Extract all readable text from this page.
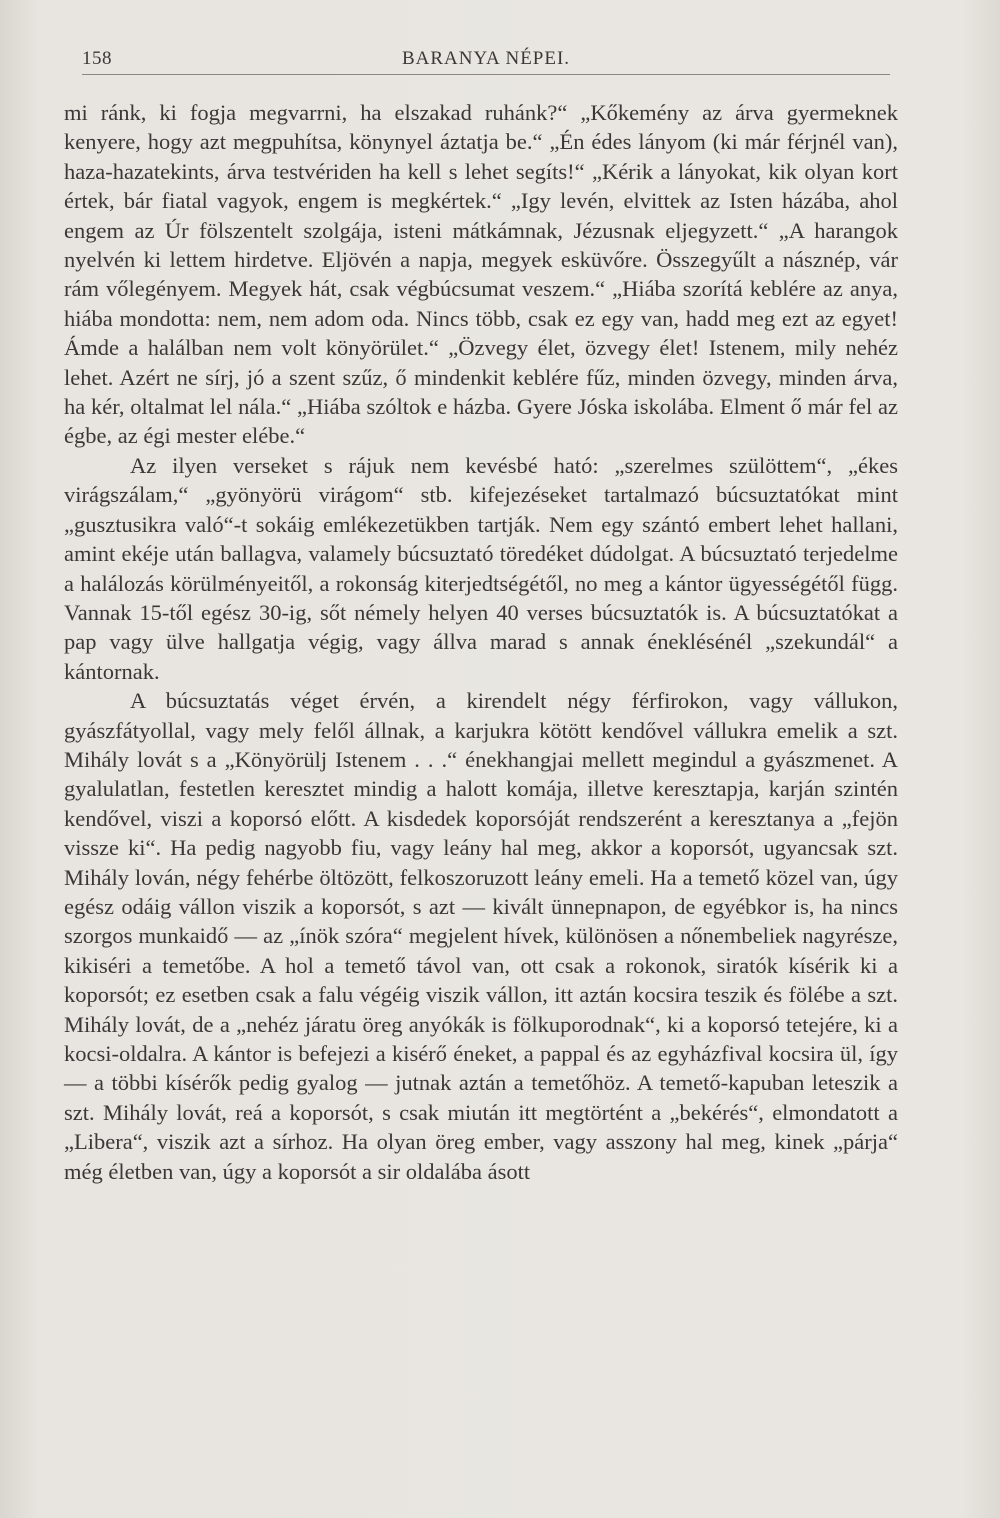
158	BARANYA NÉPEI.

mi ránk, ki fogja megvarrni, ha elszakad ruhánk?“ „Kőkemény az árva gyermeknek kenyere, hogy azt megpuhítsa, könynyel áztatja be.“ „Én édes lányom (ki már férjnél van), haza-hazatekints, árva testvériden ha kell s lehet segíts!“ „Kérik a lányokat, kik olyan kort értek, bár fiatal vagyok, engem is megkértek.“ „Igy levén, elvittek az Isten házába, ahol engem az Úr fölszentelt szolgája, isteni mátkámnak, Jézusnak eljegyzett.“ „A harangok nyelvén ki lettem hirdetve. Eljövén a napja, megyek esküvőre. Összegyűlt a násznép, vár rám vőlegényem. Megyek hát, csak végbúcsumat veszem.“ „Hiába szorítá keblére az anya, hiába mondotta: nem, nem adom oda. Nincs több, csak ez egy van, hadd meg ezt az egyet! Ámde a halálban nem volt könyörület.“ „Özvegy élet, özvegy élet! Istenem, mily nehéz lehet. Azért ne sírj, jó a szent szűz, ő mindenkit keblére fűz, minden özvegy, minden árva, ha kér, oltalmat lel nála.“ „Hiába szóltok e házba. Gyere Jóska iskolába. Elment ő már fel az égbe, az égi mester elébe.“

Az ilyen verseket s rájuk nem kevésbé ható: „szerelmes szülöttem“, „ékes virágszálam,“ „gyönyörü virágom“ stb. kifejezéseket tartalmazó búcsuztatókat mint „gusztusikra való“-t sokáig emlékezetükben tartják. Nem egy szántó embert lehet hallani, amint ekéje után ballagva, valamely búcsuztató töredéket dúdolgat. A búcsuztató terjedelme a halálozás körülményeitől, a rokonság kiterjedtségétől, no meg a kántor ügyességétől függ. Vannak 15-től egész 30-ig, sőt némely helyen 40 verses búcsuztatók is. A búcsuztatókat a pap vagy ülve hallgatja végig, vagy állva marad s annak éneklésénél „szekundál“ a kántornak.

A búcsuztatás véget érvén, a kirendelt négy férfirokon, vagy vállukon, gyászfátyollal, vagy mely felől állnak, a karjukra kötött kendővel vállukra emelik a szt. Mihály lovát s a „Könyörülj Istenem . . .“ énekhangjai mellett megindul a gyászmenet. A gyalulatlan, festetlen keresztet mindig a halott komája, illetve keresztapja, karján szintén kendővel, viszi a koporsó előtt. A kisdedek koporsóját rendszerént a keresztanya a „fejön vissze ki“. Ha pedig nagyobb fiu, vagy leány hal meg, akkor a koporsót, ugyancsak szt. Mihály lován, négy fehérbe öltözött, felkoszoruzott leány emeli. Ha a temető közel van, úgy egész odáig vállon viszik a koporsót, s azt — kivált ünnepnapon, de egyébkor is, ha nincs szorgos munkaidő — az „ínök szóra“ megjelent hívek, különösen a nőnembeliek nagyrésze, kikiséri a temetőbe. A hol a temető távol van, ott csak a rokonok, siratók kísérik ki a koporsót; ez esetben csak a falu végéig viszik vállon, itt aztán kocsira teszik és fölébe a szt. Mihály lovát, de a „nehéz járatu öreg anyókák is fölkuporodnak“, ki a koporsó tetejére, ki a kocsi-oldalra. A kántor is befejezi a kisérő éneket, a pappal és az egyházfival kocsira ül, így — a többi kísérők pedig gyalog — jutnak aztán a temetőhöz. A temető-kapuban leteszik a szt. Mihály lovát, reá a koporsót, s csak miután itt megtörtént a „bekérés“, elmondatott a „Libera“, viszik azt a sírhoz. Ha olyan öreg ember, vagy asszony hal meg, kinek „párja“ még életben van, úgy a koporsót a sir oldalába ásott
